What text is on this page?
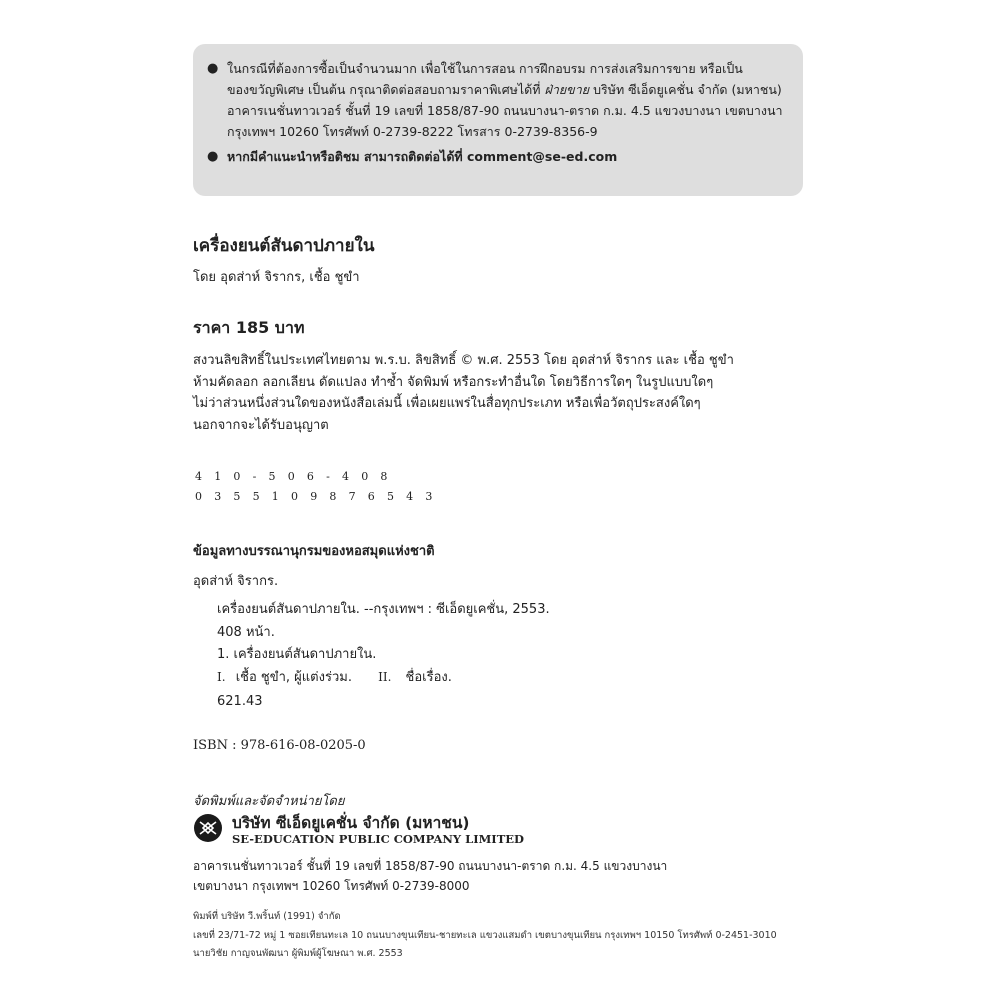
● ในกรณีที่ต้องการซื้อเป็นจำนวนมาก เพื่อใช้ในการสอน การฝึกอบรม การส่งเสริมการขาย หรือเป็น
ของขวัญพิเศษ เป็นต้น กรุณาติดต่อสอบถามราคาพิเศษได้ที่ ฝ่ายขาย บริษัท ซีเอ็ดยูเคชั่น จำกัด (มหาชน)
อาคารเนชั่นทาวเวอร์ ชั้นที่ 19 เลขที่ 1858/87-90 ถนนบางนา-ตราด ก.ม. 4.5 แขวงบางนา เขตบางนา
กรุงเทพฯ 10260 โทรศัพท์ 0-2739-8222 โทรสาร 0-2739-8356-9
● หากมีคำแนะนำหรือติชม สามารถติดต่อได้ที่ comment@se-ed.com
เครื่องยนต์สันดาปภายใน
โดย อุดส่าห์ จิรากร, เชื้อ ชูขำ
ราคา 185 บาท
สงวนลิขสิทธิ์ในประเทศไทยตาม พ.ร.บ. ลิขสิทธิ์ © พ.ศ. 2553 โดย อุดส่าห์ จิรากร และ เชื้อ ชูขำ
ห้ามคัดลอก ลอกเลียน ดัดแปลง ทำซ้ำ จัดพิมพ์ หรือกระทำอื่นใด โดยวิธีการใดๆ ในรูปแบบใดๆ
ไม่ว่าส่วนหนึ่งส่วนใดของหนังสือเล่มนี้ เพื่อเผยแพร่ในสื่อทุกประเภท หรือเพื่อวัตถุประสงค์ใดๆ
นอกจากจะได้รับอนุญาต
410-506-408
0355109876543
ข้อมูลทางบรรณานุกรมของหอสมุดแห่งชาติ
อุดส่าห์ จิรากร.
เครื่องยนต์สันดาปภายใน. --กรุงเทพฯ : ซีเอ็ดยูเคชั่น, 2553.
408 หน้า.
1. เครื่องยนต์สันดาปภายใน.
I. เชื้อ ชูขำ, ผู้แต่งร่วม. II. ชื่อเรื่อง.
621.43
ISBN : 978-616-08-0205-0
จัดพิมพ์และจัดจำหน่ายโดย
บริษัท ซีเอ็ดยูเคชั่น จำกัด (มหาชน)
SE-EDUCATION PUBLIC COMPANY LIMITED
อาคารเนชั่นทาวเวอร์ ชั้นที่ 19 เลขที่ 1858/87-90 ถนนบางนา-ตราด ก.ม. 4.5 แขวงบางนา
เขตบางนา กรุงเทพฯ 10260 โทรศัพท์ 0-2739-8000
พิมพ์ที่ บริษัท วี.พริ้นท์ (1991) จำกัด
เลขที่ 23/71-72 หมู่ 1 ซอยเทียนทะเล 10 ถนนบางขุนเทียน-ชายทะเล แขวงแสมดำ เขตบางขุนเทียน กรุงเทพฯ 10150 โทรศัพท์ 0-2451-3010
นายวิชัย กาญจนพัฒนา ผู้พิมพ์ผู้โฆษณา พ.ศ. 2553
